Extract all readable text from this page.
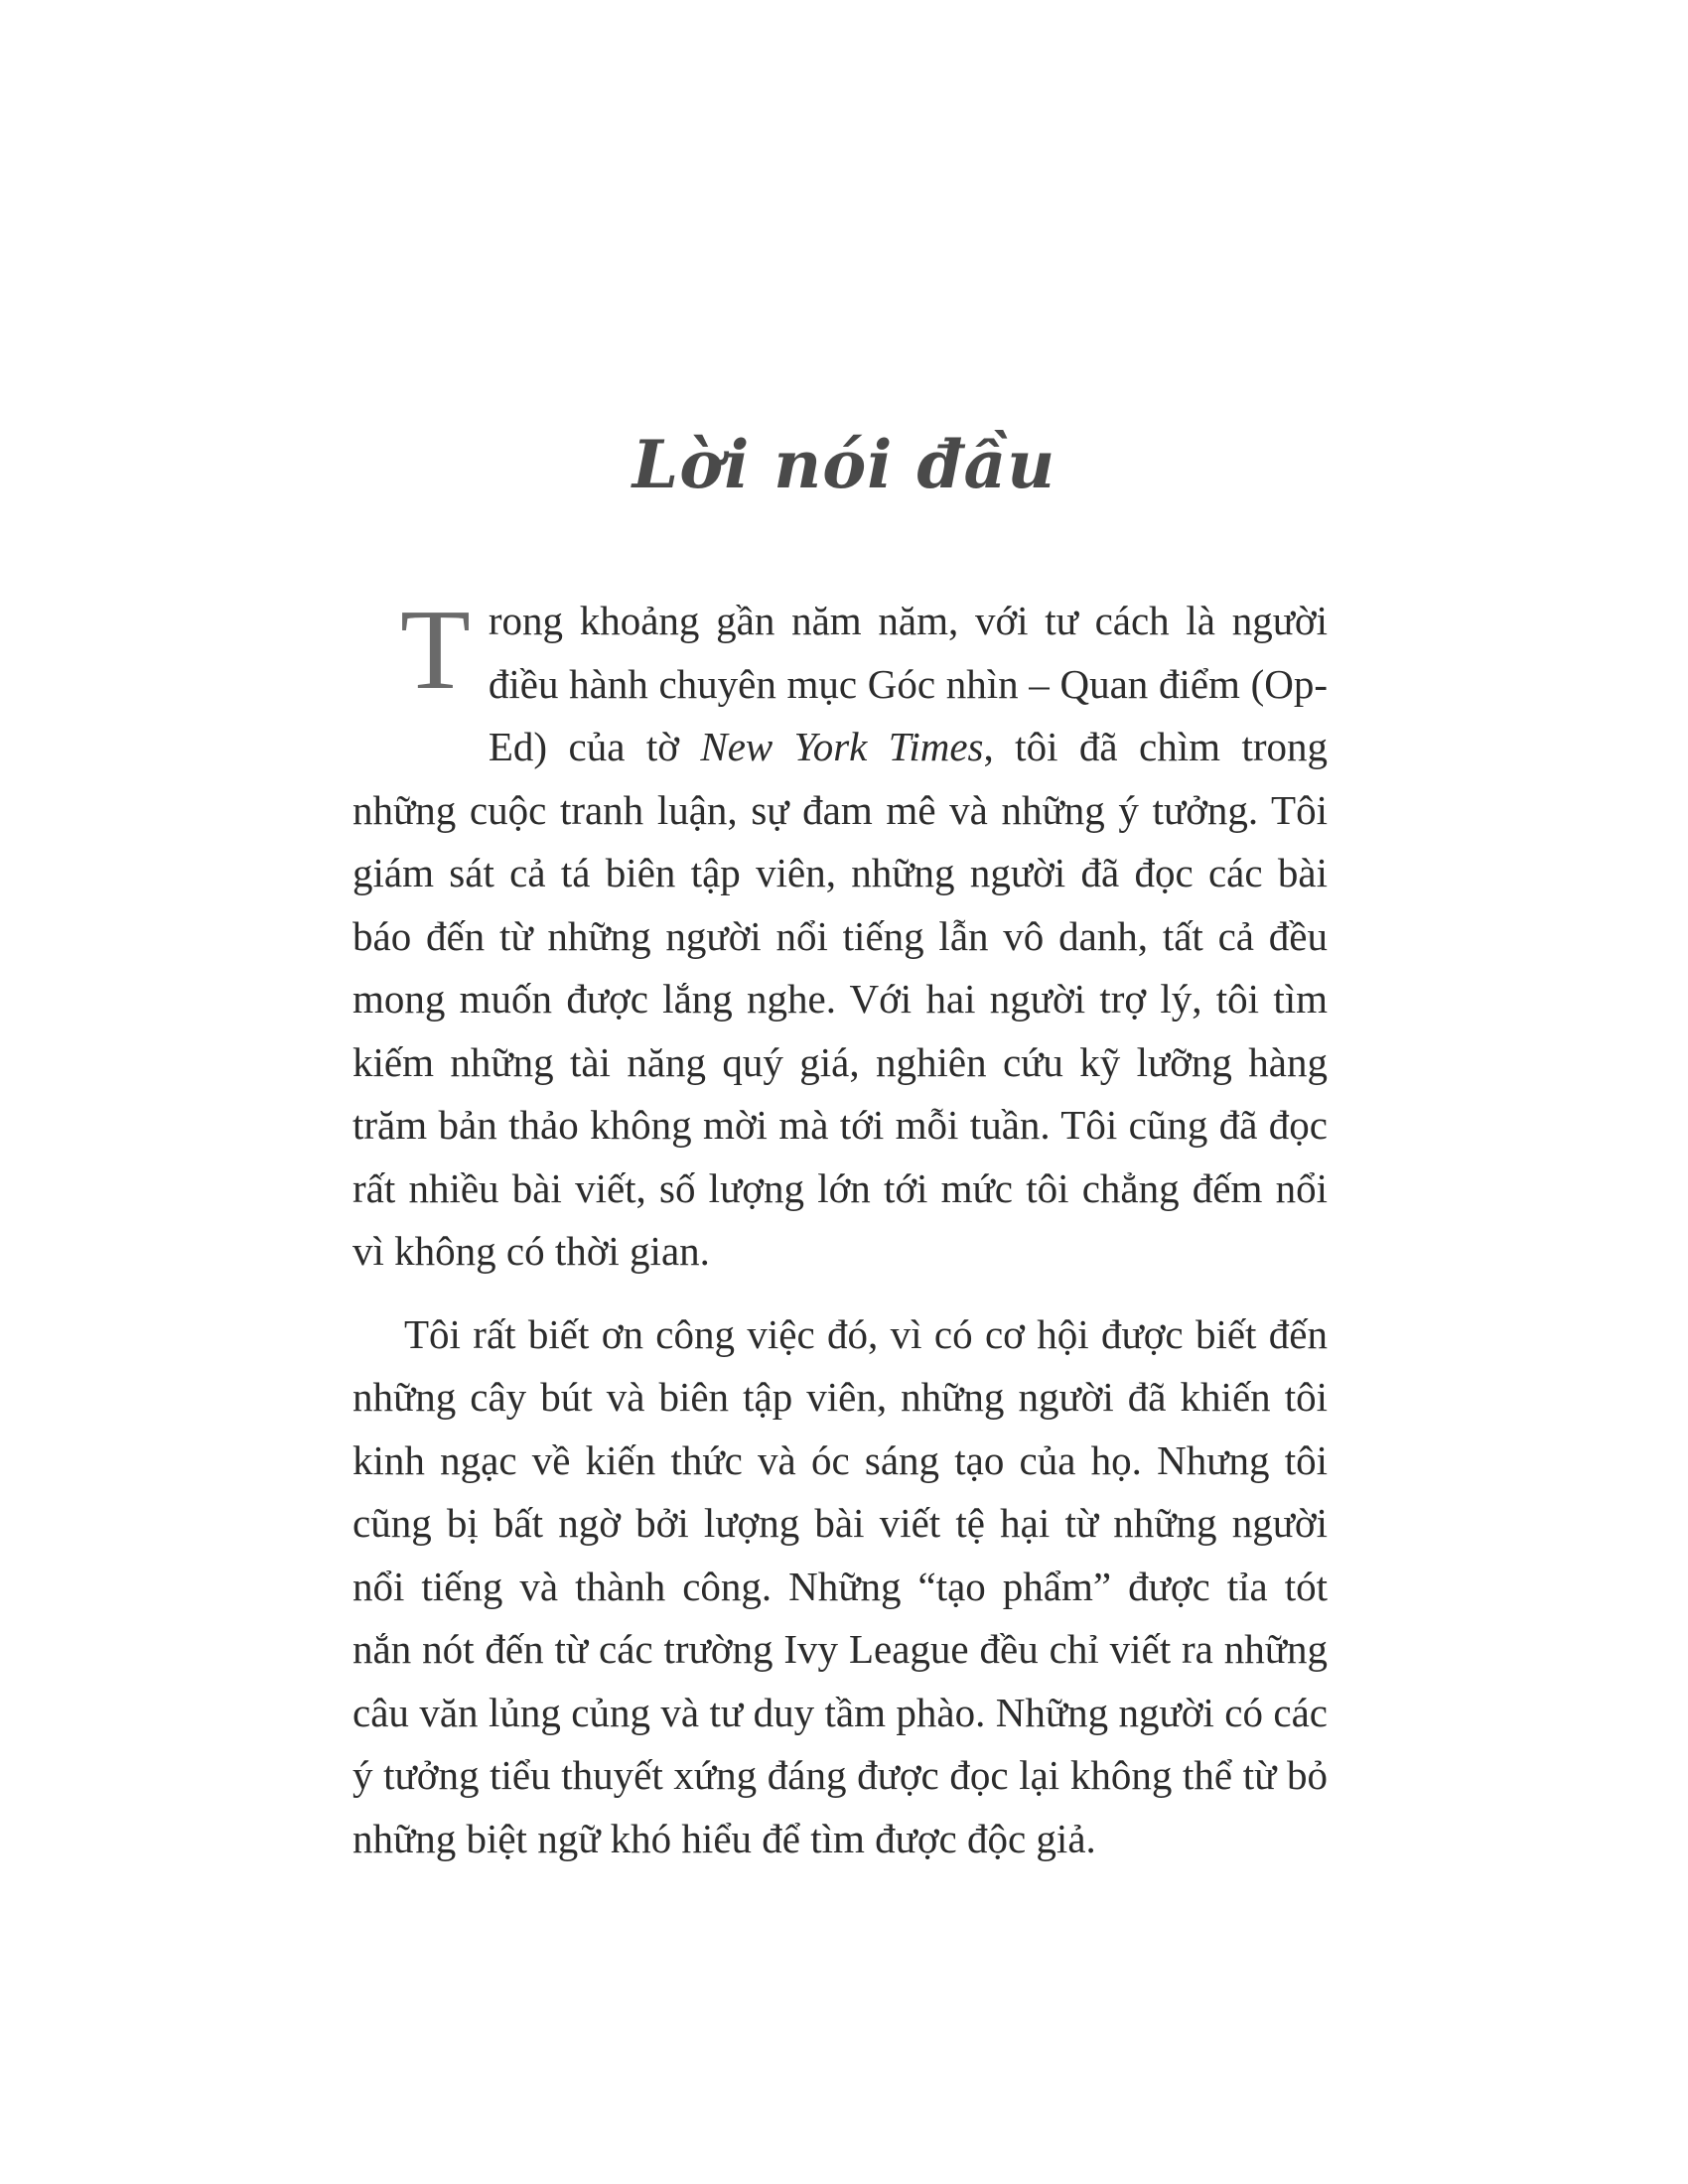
Lời nói đầu

Trong khoảng gần năm năm, với tư cách là người điều hành chuyên mục Góc nhìn – Quan điểm (Op-Ed) của tờ New York Times, tôi đã chìm trong những cuộc tranh luận, sự đam mê và những ý tưởng. Tôi giám sát cả tá biên tập viên, những người đã đọc các bài báo đến từ những người nổi tiếng lẫn vô danh, tất cả đều mong muốn được lắng nghe. Với hai người trợ lý, tôi tìm kiếm những tài năng quý giá, nghiên cứu kỹ lưỡng hàng trăm bản thảo không mời mà tới mỗi tuần. Tôi cũng đã đọc rất nhiều bài viết, số lượng lớn tới mức tôi chẳng đếm nổi vì không có thời gian.

Tôi rất biết ơn công việc đó, vì có cơ hội được biết đến những cây bút và biên tập viên, những người đã khiến tôi kinh ngạc về kiến thức và óc sáng tạo của họ. Nhưng tôi cũng bị bất ngờ bởi lượng bài viết tệ hại từ những người nổi tiếng và thành công. Những “tạo phẩm” được tỉa tót nắn nót đến từ các trường Ivy League đều chỉ viết ra những câu văn lủng củng và tư duy tầm phào. Những người có các ý tưởng tiểu thuyết xứng đáng được đọc lại không thể từ bỏ những biệt ngữ khó hiểu để tìm được độc giả.
